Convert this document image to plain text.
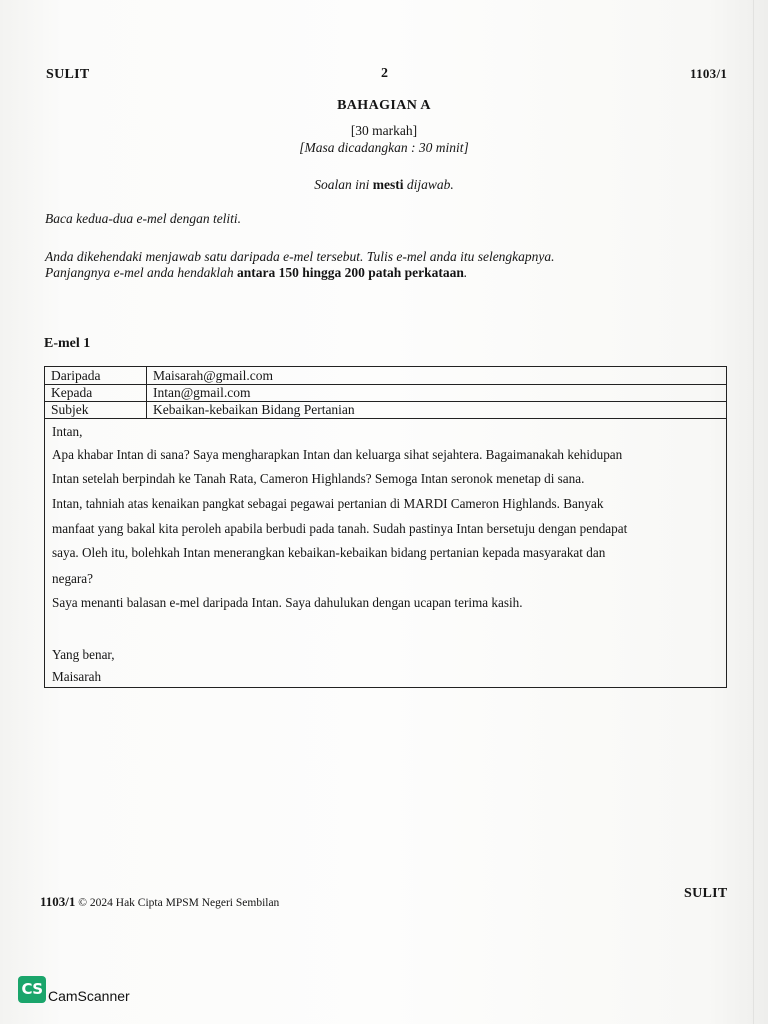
SULIT	2	1103/1
BAHAGIAN A
[30 markah]
[Masa dicadangkan : 30 minit]
Soalan ini mesti dijawab.
Baca kedua-dua e-mel dengan teliti.
Anda dikehendaki menjawab satu daripada e-mel tersebut. Tulis e-mel anda itu selengkapnya.
Panjangnya e-mel anda hendaklah antara 150 hingga 200 patah perkataan.
E-mel 1
Daripada	Maisarah@gmail.com
Kepada	Intan@gmail.com
Subjek	Kebaikan-kebaikan Bidang Pertanian
Intan,
Apa khabar Intan di sana? Saya mengharapkan Intan dan keluarga sihat sejahtera. Bagaimanakah kehidupan
Intan setelah berpindah ke Tanah Rata, Cameron Highlands? Semoga Intan seronok menetap di sana.
Intan, tahniah atas kenaikan pangkat sebagai pegawai pertanian di MARDI Cameron Highlands. Banyak
manfaat yang bakal kita peroleh apabila berbudi pada tanah. Sudah pastinya Intan bersetuju dengan pendapat
saya. Oleh itu, bolehkah Intan menerangkan kebaikan-kebaikan bidang pertanian kepada masyarakat dan
negara?
Saya menanti balasan e-mel daripada Intan. Saya dahulukan dengan ucapan terima kasih.
Yang benar,
Maisarah
1103/1 © 2024 Hak Cipta MPSM Negeri Sembilan
SULIT
CS CamScanner
